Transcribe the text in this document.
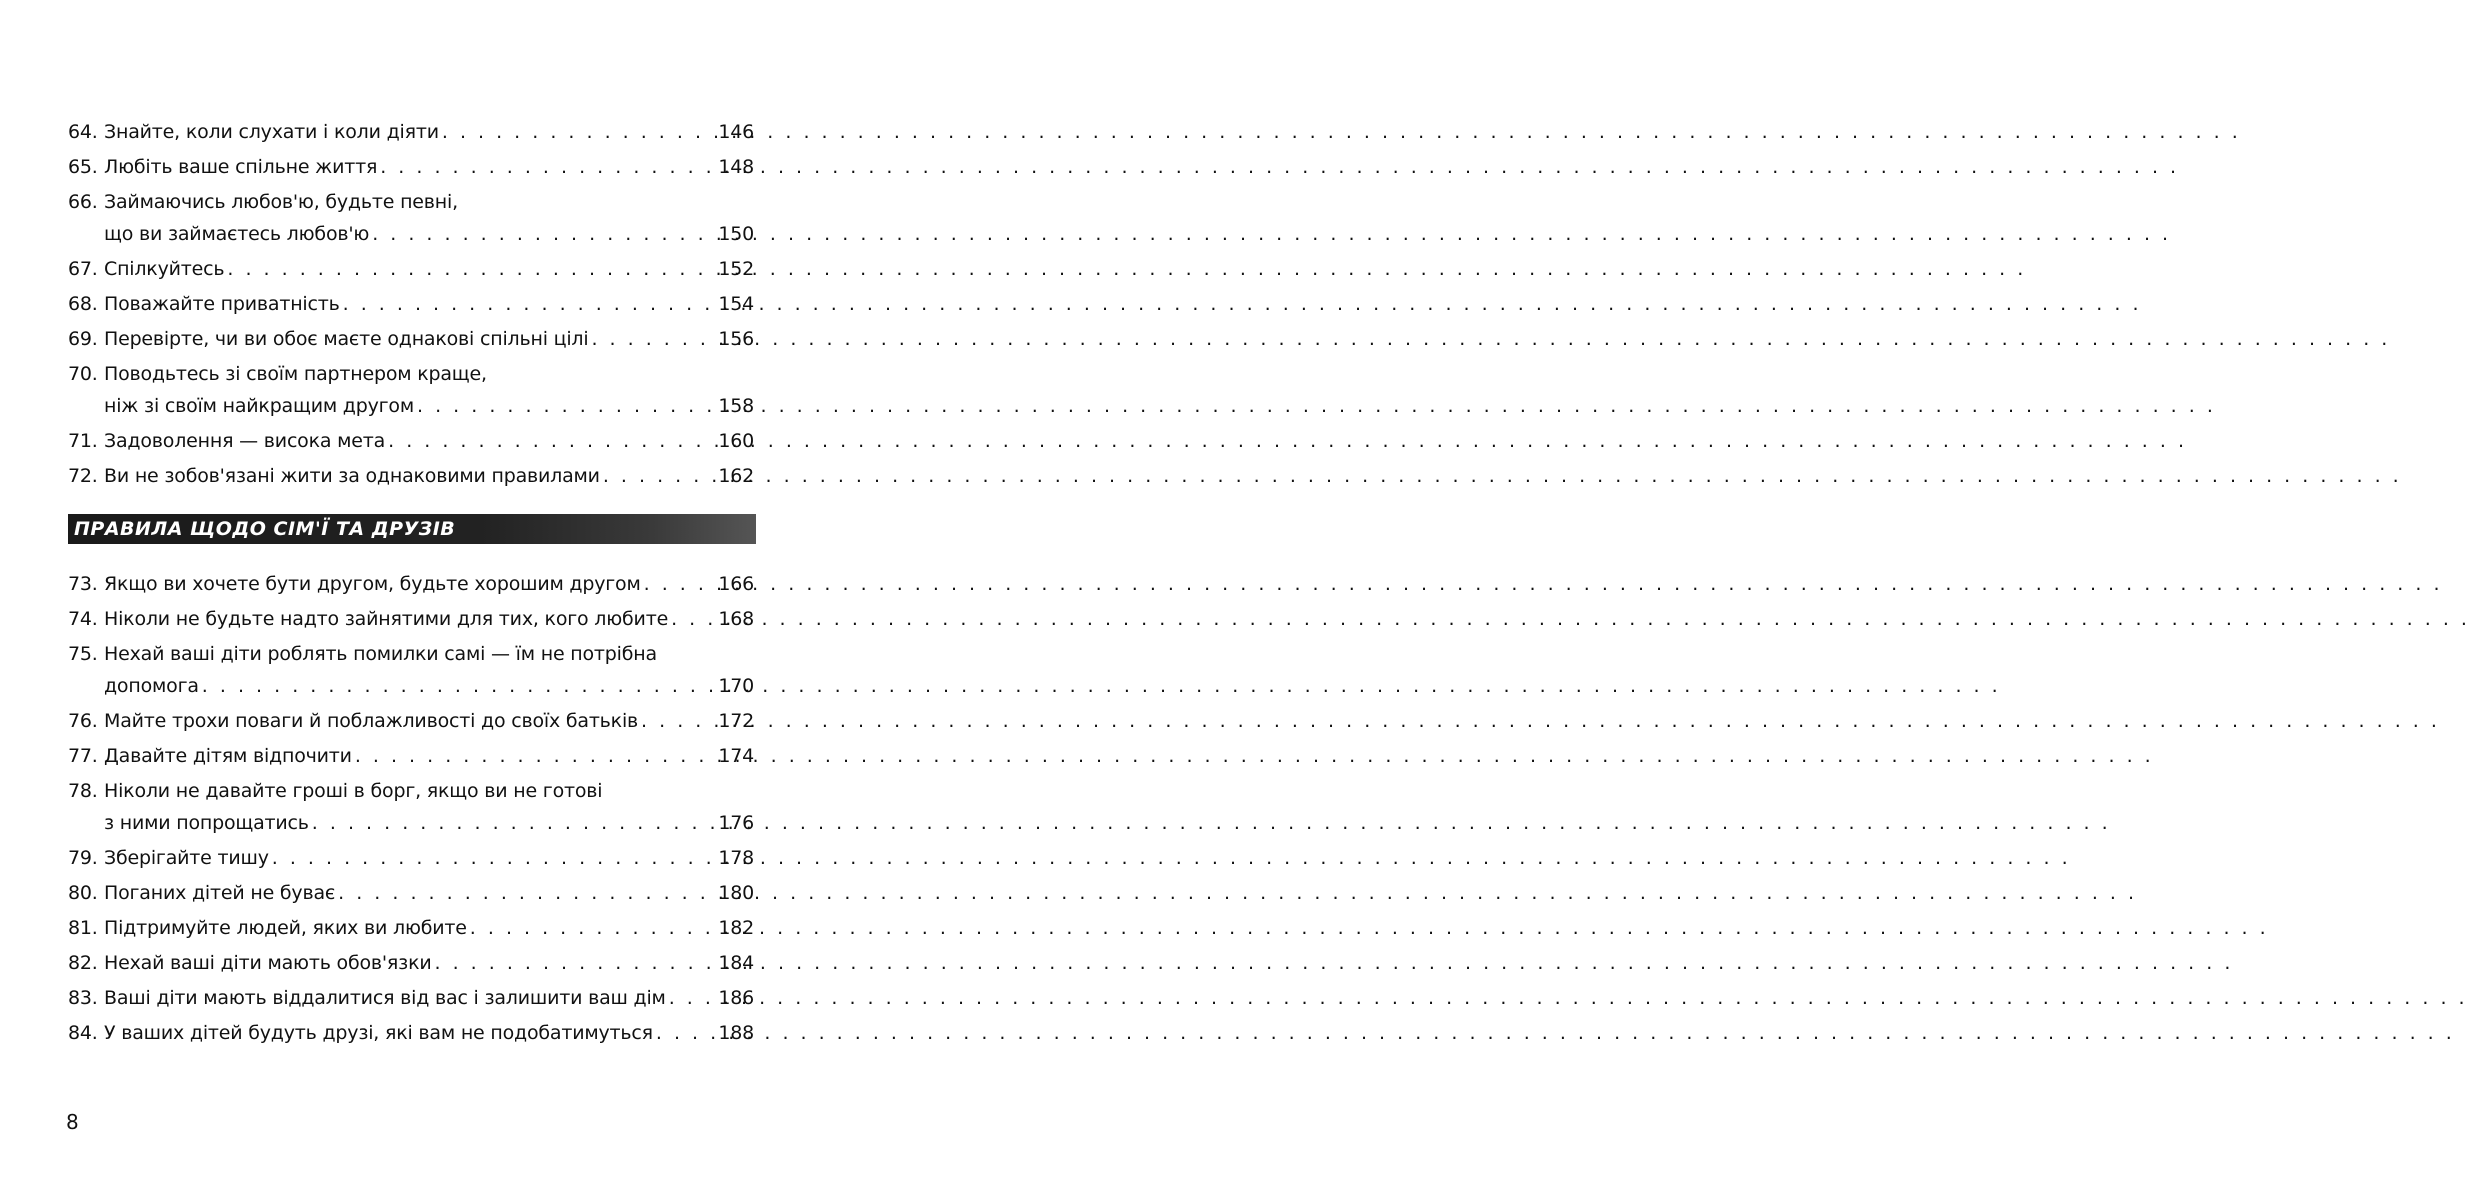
64. Знайте, коли слухати і коли діяти . . .	146
65. Любіть ваше спільне життя . . .	148
66. Займаючись любов'ю, будьте певні,
що ви займаєтесь любов'ю . . .	150
67. Спілкуйтесь . . .	152
68. Поважайте приватність . . .	154
69. Перевірте, чи ви обоє маєте однакові спільні цілі . . .	156
70. Поводьтесь зі своїм партнером краще,
ніж зі своїм найкращим другом . . .	158
71. Задоволення — висока мета . . .	160
72. Ви не зобов'язані жити за однаковими правилами . . .	162
ПРАВИЛА ЩОДО СІМ'Ї ТА ДРУЗІВ
73. Якщо ви хочете бути другом, будьте хорошим другом . . .	166
74. Ніколи не будьте надто зайнятими для тих, кого любите . . .	168
75. Нехай ваші діти роблять помилки самі — їм не потрібна
допомога . . .	170
76. Майте трохи поваги й поблажливості до своїх батьків . . .	172
77. Давайте дітям відпочити . . .	174
78. Ніколи не давайте гроші в борг, якщо ви не готові
з ними попрощатись . . .	176
79. Зберігайте тишу . . .	178
80. Поганих дітей не буває . . .	180
81. Підтримуйте людей, яких ви любите . . .	182
82. Нехай ваші діти мають обов'язки . . .	184
83. Ваші діти мають віддалитися від вас і залишити ваш дім . . .	186
84. У ваших дітей будуть друзі, які вам не подобатимуться . . .	188
8
